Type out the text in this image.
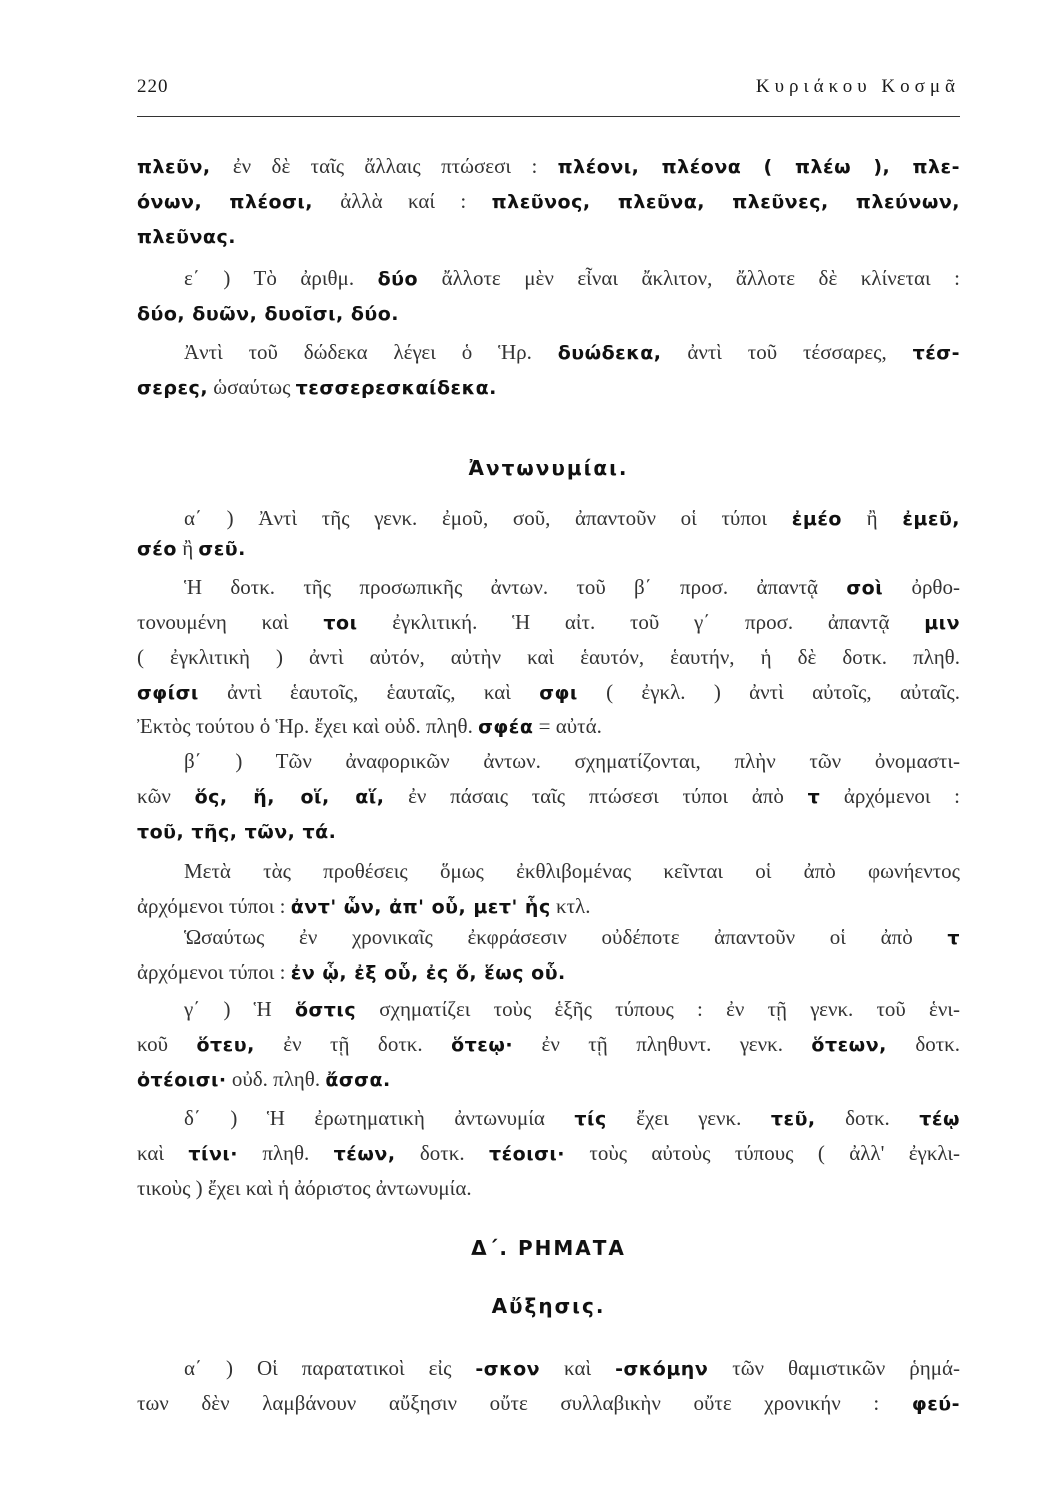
220	Κυριάκου Κοσμᾶ
πλεῦν, ἐν δὲ ταῖς ἄλλαις πτώσεσι : πλέονι, πλέονα ( πλέω ), πλε-
όνων, πλέοσι, ἀλλὰ καί : πλεῦνος, πλεῦνα, πλεῦνες, πλεύνων,
πλεῦνας.
ε΄ ) Τὸ ἀριθμ. δύο ἄλλοτε μὲν εἶναι ἄκλιτον, ἄλλοτε δὲ κλίνεται :
δύο, δυῶν, δυοῖσι, δύο.
Ἀντὶ τοῦ δώδεκα λέγει ὁ Ἡρ. δυώδεκα, ἀντὶ τοῦ τέσσαρες, τέσ-
σερες, ὡσαύτως τεσσερεσκαίδεκα.
Ἀντωνυμίαι.
α΄ ) Ἀντὶ τῆς γενκ. ἐμοῦ, σοῦ, ἀπαντοῦν οἱ τύποι ἐμέο ἢ ἐμεῦ,
σέο ἢ σεῦ.
Ἡ δοτκ. τῆς προσωπικῆς ἀντων. τοῦ β΄ προσ. ἀπαντᾷ σοὶ ὀρθο-
τονουμένη καὶ τοι ἐγκλιτική. Ἡ αἰτ. τοῦ γ΄ προσ. ἀπαντᾷ μιν
( ἐγκλιτικὴ ) ἀντὶ αὐτόν, αὐτὴν καὶ ἑαυτόν, ἑαυτήν, ἡ δὲ δοτκ. πληθ.
σφίσι ἀντὶ ἑαυτοῖς, ἑαυταῖς, καὶ σφι ( ἐγκλ. ) ἀντὶ αὐτοῖς, αὐταῖς.
Ἐκτὸς τούτου ὁ Ἡρ. ἔχει καὶ οὐδ. πληθ. σφέα = αὐτά.
β΄ ) Τῶν ἀναφορικῶν ἀντων. σχηματίζονται, πλὴν τῶν ὀνομαστι-
κῶν ὅς, ἥ, οἵ, αἵ, ἐν πάσαις ταῖς πτώσεσι τύποι ἀπὸ τ ἀρχόμενοι :
τοῦ, τῆς, τῶν, τά.
Μετὰ τὰς προθέσεις ὅμως ἐκθλιβομένας κεῖνται οἱ ἀπὸ φωνήεντος
ἀρχόμενοι τύποι : ἀντ' ὧν, ἀπ' οὗ, μετ' ἧς κτλ.
Ὡσαύτως ἐν χρονικαῖς ἐκφράσεσιν οὐδέποτε ἀπαντοῦν οἱ ἀπὸ τ
ἀρχόμενοι τύποι : ἐν ᾧ, ἐξ οὗ, ἐς ὅ, ἕως οὗ.
γ΄ ) Ἡ ὅστις σχηματίζει τοὺς ἑξῆς τύπους : ἐν τῇ γενκ. τοῦ ἑνι-
κοῦ ὅτευ, ἐν τῇ δοτκ. ὅτεῳ· ἐν τῇ πληθυντ. γενκ. ὅτεων, δοτκ.
ὀτέοισι· οὐδ. πληθ. ἄσσα.
δ΄ ) Ἡ ἐρωτηματικὴ ἀντωνυμία τίς ἔχει γενκ. τεῦ, δοτκ. τέῳ
καὶ τίνι· πληθ. τέων, δοτκ. τέοισι· τοὺς αὐτοὺς τύπους ( ἀλλ' ἐγκλι-
τικοὺς ) ἔχει καὶ ἡ ἀόριστος ἀντωνυμία.
Δ΄. ΡΗΜΑΤΑ
Αὔξησις.
α΄ ) Οἱ παρατατικοὶ εἰς -σκον καὶ -σκόμην τῶν θαμιστικῶν ῥημά-
των δὲν λαμβάνουν αὔξησιν οὔτε συλλαβικὴν οὔτε χρονικήν : φεύ-
